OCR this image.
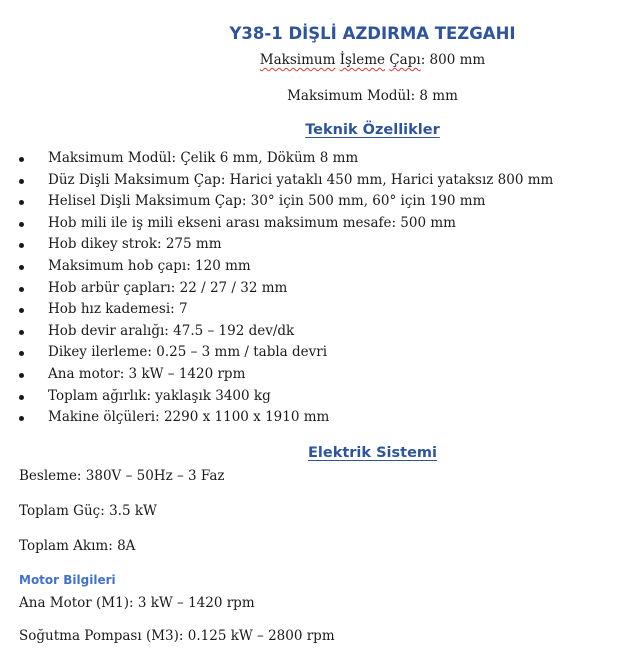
Y38-1 DİŞLİ AZDIRMA TEZGAHI

Maksimum İşleme Çapı: 800 mm

Maksimum Modül: 8 mm

Teknik Özellikler
Maksimum Modül: Çelik 6 mm, Döküm 8 mm
Düz Dişli Maksimum Çap: Harici yataklı 450 mm, Harici yataksız 800 mm
Helisel Dişli Maksimum Çap: 30° için 500 mm, 60° için 190 mm
Hob mili ile iş mili ekseni arası maksimum mesafe: 500 mm
Hob dikey strok: 275 mm
Maksimum hob çapı: 120 mm
Hob arbür çapları: 22 / 27 / 32 mm
Hob hız kademesi: 7
Hob devir aralığı: 47.5 – 192 dev/dk
Dikey ilerleme: 0.25 – 3 mm / tabla devri
Ana motor: 3 kW – 1420 rpm
Toplam ağırlık: yaklaşık 3400 kg
Makine ölçüleri: 2290 x 1100 x 1910 mm
Elektrik Sistemi

Besleme: 380V – 50Hz – 3 Faz

Toplam Güç: 3.5 kW

Toplam Akım: 8A

Motor Bilgileri

Ana Motor (M1): 3 kW – 1420 rpm

Soğutma Pompası (M3): 0.125 kW – 2800 rpm
